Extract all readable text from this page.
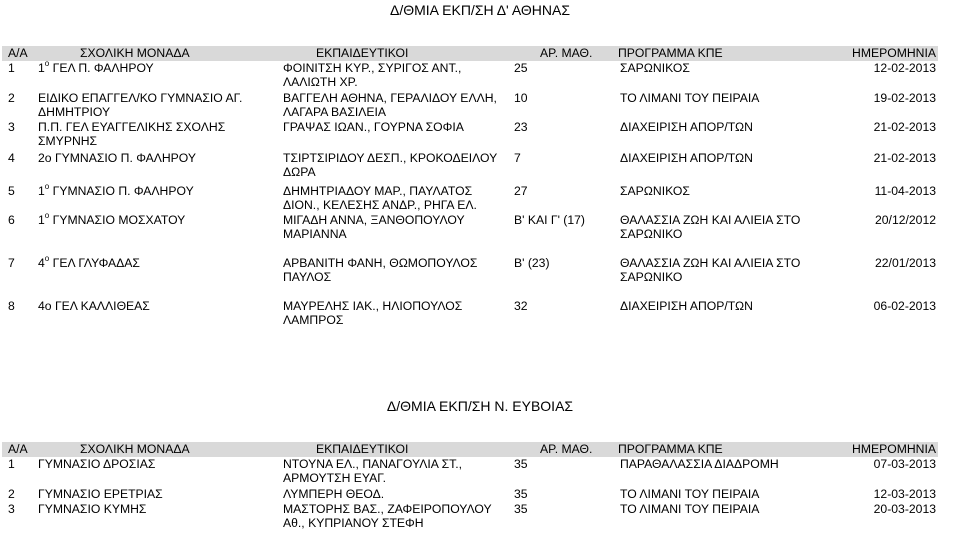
Δ/ΘΜΙΑ ΕΚΠ/ΣΗ Δ' ΑΘΗΝΑΣ
Α/Α	ΣΧΟΛΙΚΗ ΜΟΝΑΔΑ	ΕΚΠΑΙΔΕΥΤΙΚΟΙ	ΑΡ. ΜΑΘ.	ΠΡΟΓΡΑΜΜΑ ΚΠΕ	ΗΜΕΡΟΜΗΝΙΑ
1	$1^o$ ΓΕΛ Π. ΦΑΛΗΡΟΥ	ΦΟΙΝΙΤΣΗ ΚΥΡ., ΣΥΡΙΓΟΣ ΑΝΤ., ΛΑΛΙΩΤΗ ΧΡ.	25	ΣΑΡΩΝΙΚΟΣ	12-02-2013
2	ΕΙΔΙΚΟ ΕΠΑΓΓΕΛ/ΚΟ ΓΥΜΝΑΣΙΟ ΑΓ. ΔΗΜΗΤΡΙΟΥ	ΒΑΓΓΕΛΗ ΑΘΗΝΑ, ΓΕΡΑΛΙΔΟΥ ΕΛΛΗ, ΛΑΓΑΡΑ ΒΑΣΙΛΕΙΑ	10	ΤΟ ΛΙΜΑΝΙ ΤΟΥ ΠΕΙΡΑΙΑ	19-02-2013
3	Π.Π. ΓΕΛ ΕΥΑΓΓΕΛΙΚΗΣ ΣΧΟΛΗΣ ΣΜΥΡΝΗΣ	ΓΡΑΨΑΣ ΙΩΑΝ., ΓΟΥΡΝΑ ΣΟΦΙΑ	23	ΔΙΑΧΕΙΡΙΣΗ ΑΠΟΡ/ΤΩΝ	21-02-2013
4	2ο ΓΥΜΝΑΣΙΟ Π. ΦΑΛΗΡΟΥ	ΤΣΙΡΤΣΙΡΙΔΟΥ ΔΕΣΠ., ΚΡΟΚΟΔΕΙΛΟΥ ΔΩΡΑ	7	ΔΙΑΧΕΙΡΙΣΗ ΑΠΟΡ/ΤΩΝ	21-02-2013
5	$1^o$ ΓΥΜΝΑΣΙΟ Π. ΦΑΛΗΡΟΥ	ΔΗΜΗΤΡΙΑΔΟΥ ΜΑΡ., ΠΑΥΛΑΤΟΣ ΔΙΟΝ., ΚΕΛΕΣΗΣ ΑΝΔΡ., ΡΗΓΑ ΕΛ.	27	ΣΑΡΩΝΙΚΟΣ	11-04-2013
6	$1^o$ ΓΥΜΝΑΣΙΟ ΜΟΣΧΑΤΟΥ	ΜΙΓΑΔΗ ΑΝΝΑ, ΞΑΝΘΟΠΟΥΛΟΥ ΜΑΡΙΑΝΝΑ	Β' ΚΑΙ Γ' (17)	ΘΑΛΑΣΣΙΑ ΖΩΗ ΚΑΙ ΑΛΙΕΙΑ ΣΤΟ ΣΑΡΩΝΙΚΟ	20/12/2012
7	$4^o$ ΓΕΛ ΓΛΥΦΑΔΑΣ	ΑΡΒΑΝΙΤΗ ΦΑΝΗ, ΘΩΜΟΠΟΥΛΟΣ ΠΑΥΛΟΣ	Β' (23)	ΘΑΛΑΣΣΙΑ ΖΩΗ ΚΑΙ ΑΛΙΕΙΑ ΣΤΟ ΣΑΡΩΝΙΚΟ	22/01/2013
8	4ο ΓΕΛ ΚΑΛΛΙΘΕΑΣ	ΜΑΥΡΕΛΗΣ ΙΑΚ., ΗΛΙΟΠΟΥΛΟΣ ΛΑΜΠΡΟΣ	32	ΔΙΑΧΕΙΡΙΣΗ ΑΠΟΡ/ΤΩΝ	06-02-2013
Δ/ΘΜΙΑ ΕΚΠ/ΣΗ Ν. ΕΥΒΟΙΑΣ
Α/Α	ΣΧΟΛΙΚΗ ΜΟΝΑΔΑ	ΕΚΠΑΙΔΕΥΤΙΚΟΙ	ΑΡ. ΜΑΘ.	ΠΡΟΓΡΑΜΜΑ ΚΠΕ	ΗΜΕΡΟΜΗΝΙΑ
1	ΓΥΜΝΑΣΙΟ ΔΡΟΣΙΑΣ	ΝΤΟΥΝΑ ΕΛ., ΠΑΝΑΓΟΥΛΙΑ ΣΤ., ΑΡΜΟΥΤΣΗ ΕΥΑΓ.	35	ΠΑΡΑΘΑΛΑΣΣΙΑ ΔΙΑΔΡΟΜΗ	07-03-2013
2	ΓΥΜΝΑΣΙΟ ΕΡΕΤΡΙΑΣ	ΛΥΜΠΕΡΗ ΘΕΟΔ.	35	ΤΟ ΛΙΜΑΝΙ ΤΟΥ ΠΕΙΡΑΙΑ	12-03-2013
3	ΓΥΜΝΑΣΙΟ ΚΥΜΗΣ	ΜΑΣΤΟΡΗΣ ΒΑΣ., ΖΑΦΕΙΡΟΠΟΥΛΟΥ Αθ., ΚΥΠΡΙΑΝΟΥ ΣΤΕΦΗ	35	ΤΟ ΛΙΜΑΝΙ ΤΟΥ ΠΕΙΡΑΙΑ	20-03-2013
